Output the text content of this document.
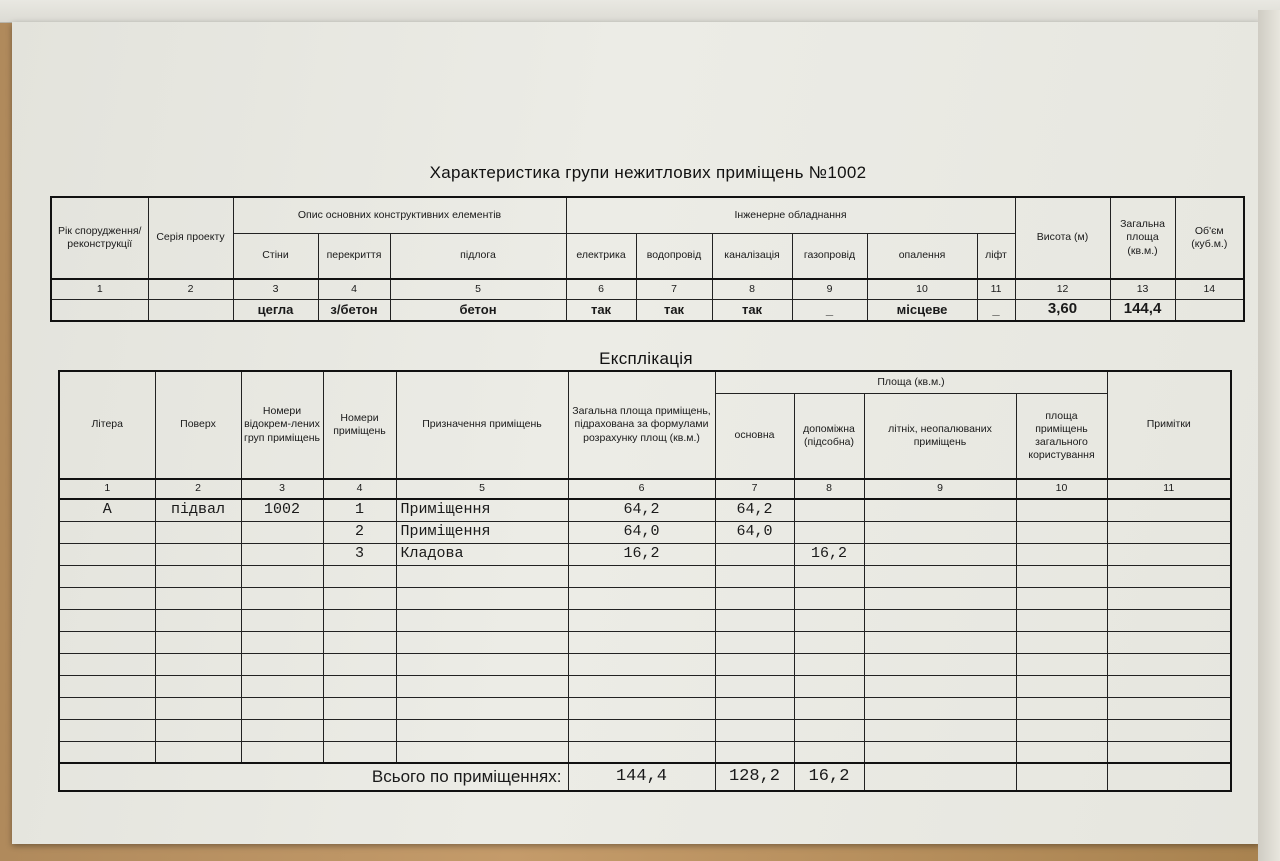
Характеристика групи нежитлових приміщень №1002
Рік спорудження/ реконструкції	Серія проекту	Опис основних конструктивних елементів			Інженерне обладнання						Висота (м)	Загальна площа (кв.м.)	Об'єм (куб.м.)
		Стіни	перекриття	підлога	електрика	водопровід	каналізація	газопровід	опалення	ліфт			
1	2	3	4	5	6	7	8	9	10	11	12	13	14
		цегла	з/бетон	бетон	так	так	так	_	місцеве	_	3,60	144,4	
Експлікація
Літера	Поверх	Номери відокрем-лених груп приміщень	Номери приміщень	Призначення приміщень	Загальна площа приміщень, підрахована за формулами розрахунку площ (кв.м.)	Площа (кв.м.)				Примітки
						основна	допоміжна (підсобна)	літніх, неопалюваних приміщень	площа приміщень загального користування	
1	2	3	4	5	6	7	8	9	10	11
А	підвал	1002	1	Приміщення	64,2	64,2				
			2	Приміщення	64,0	64,0				
			3	Кладова	16,2		16,2			

Всього по приміщеннях:					144,4	128,2	16,2			
